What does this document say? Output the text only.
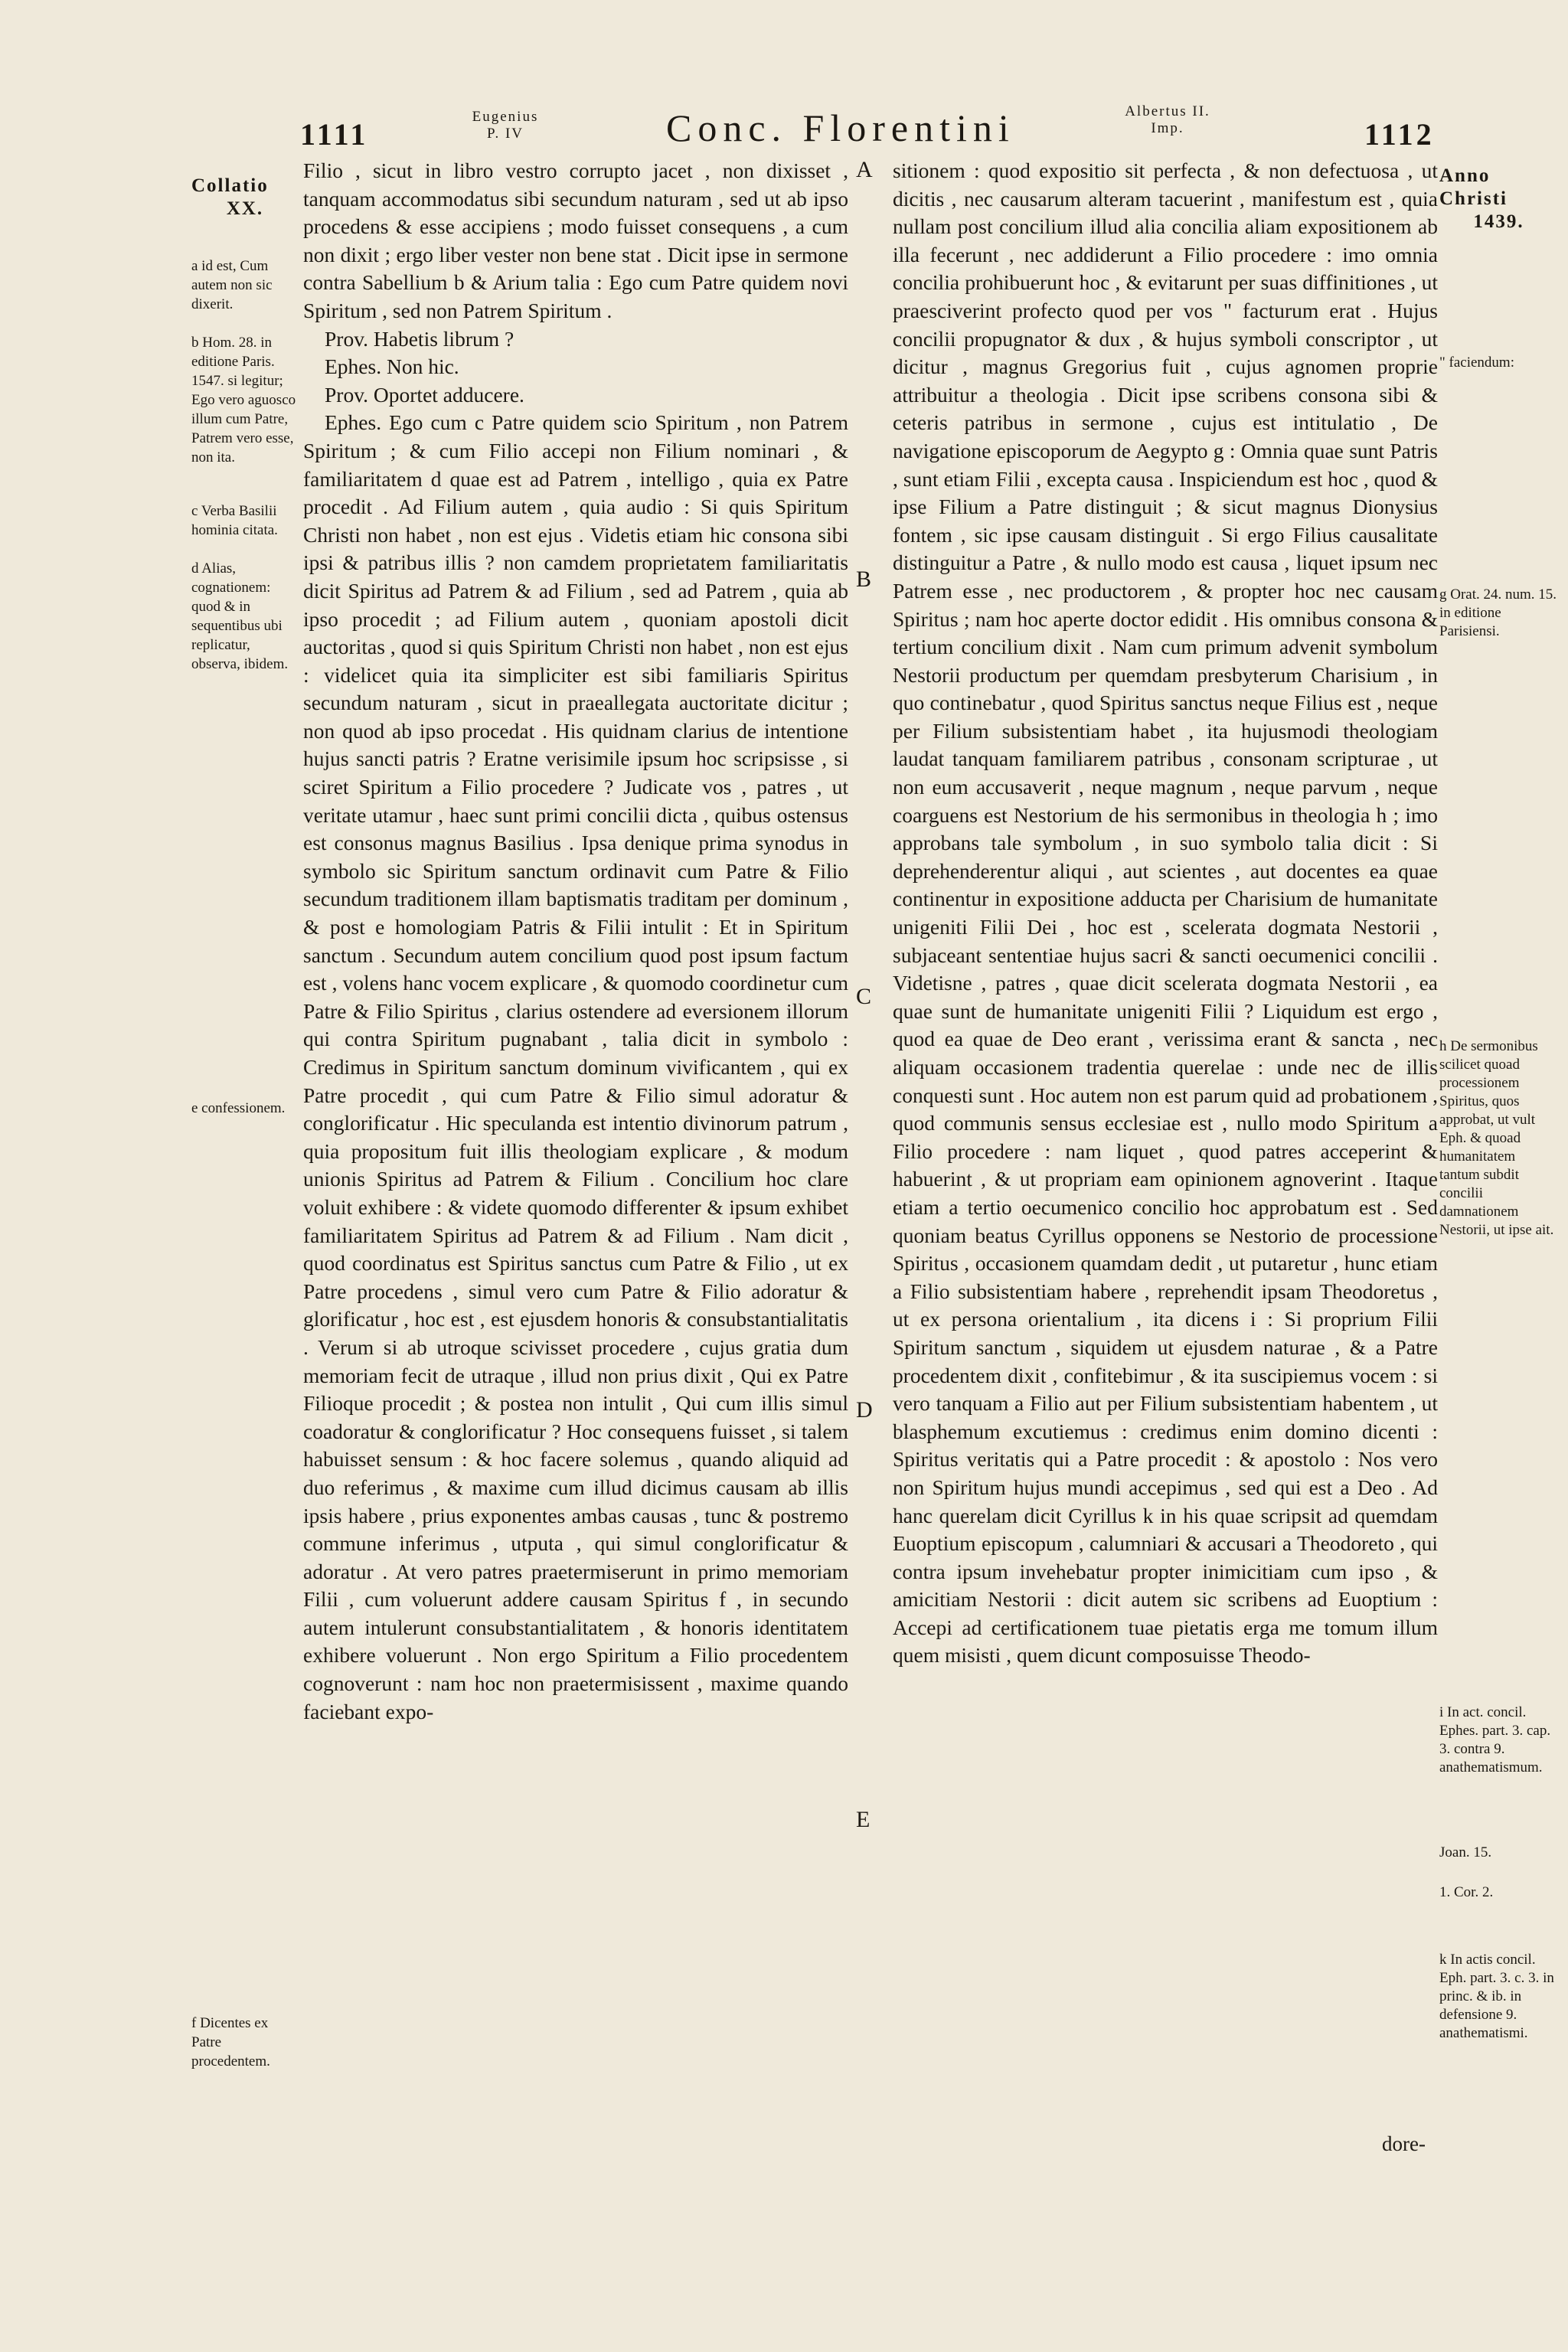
1111
Eugenius
P. IV	Conc. Florentini	Albertus II.
Imp.	1112
Collatio
XX.
a id est, Cum autem non sic dixerit.
b Hom. 28. in editione Paris. 1547. si legitur; Ego vero aguosco illum cum Patre, Patrem vero esse, non ita.
c Verba Basilii hominia citata.
d Alias, cognationem: quod & in sequentibus ubi replicatur, observa, ibidem.
e confessionem.
f Dicentes ex Patre procedentem.
Anno
Christi
1439.
" faciendum:
g Orat. 24. num. 15. in editione Parisiensi.
h De sermonibus scilicet quoad processionem Spiritus, quos approbat, ut vult Eph. & quoad humanitatem tantum subdit concilii damnationem Nestorii, ut ipse ait.
i In act. concil. Ephes. part. 3. cap. 3. contra 9. anathematismum.
Joan. 15.
1. Cor. 2.
k In actis concil. Eph. part. 3. c. 3. in princ. & ib. in defensione 9. anathematismi.
A
B
C
D
E

Filio , sicut in libro vestro corrupto jacet , non dixisset , tanquam accommodatus sibi secundum naturam , sed ut ab ipso procedens & esse accipiens ; modo fuisset consequens , a cum non dixit ; ergo liber vester non bene stat . Dicit ipse in sermone contra Sabellium b & Arium talia : Ego cum Patre quidem novi Spiritum , sed non Patrem Spiritum .

Prov. Habetis librum ?

Ephes. Non hic.

Prov. Oportet adducere.

Ephes. Ego cum c Patre quidem scio Spiritum , non Patrem Spiritum ; & cum Filio accepi non Filium nominari , & familiaritatem d quae est ad Patrem , intelligo , quia ex Patre procedit . Ad Filium autem , quia audio : Si quis Spiritum Christi non habet , non est ejus . Videtis etiam hic consona sibi ipsi & patribus illis ? non camdem proprietatem familiaritatis dicit Spiritus ad Patrem & ad Filium , sed ad Patrem , quia ab ipso procedit ; ad Filium autem , quoniam apostoli dicit auctoritas , quod si quis Spiritum Christi non habet , non est ejus : videlicet quia ita simpliciter est sibi familiaris Spiritus secundum naturam , sicut in praeallegata auctoritate dicitur ; non quod ab ipso procedat . His quidnam clarius de intentione hujus sancti patris ? Eratne verisimile ipsum hoc scripsisse , si sciret Spiritum a Filio procedere ? Judicate vos , patres , ut veritate utamur , haec sunt primi concilii dicta , quibus ostensus est consonus magnus Basilius . Ipsa denique prima synodus in symbolo sic Spiritum sanctum ordinavit cum Patre & Filio secundum traditionem illam baptismatis traditam per dominum , & post e homologiam Patris & Filii intulit : Et in Spiritum sanctum . Secundum autem concilium quod post ipsum factum est , volens hanc vocem explicare , & quomodo coordinetur cum Patre & Filio Spiritus , clarius ostendere ad eversionem illorum qui contra Spiritum pugnabant , talia dicit in symbolo : Credimus in Spiritum sanctum dominum vivificantem , qui ex Patre procedit , qui cum Patre & Filio simul adoratur & conglorificatur . Hic speculanda est intentio divinorum patrum , quia propositum fuit illis theologiam explicare , & modum unionis Spiritus ad Patrem & Filium . Concilium hoc clare voluit exhibere : & videte quomodo differenter & ipsum exhibet familiaritatem Spiritus ad Patrem & ad Filium . Nam dicit , quod coordinatus est Spiritus sanctus cum Patre & Filio , ut ex Patre procedens , simul vero cum Patre & Filio adoratur & glorificatur , hoc est , est ejusdem honoris & consubstantialitatis . Verum si ab utroque scivisset procedere , cujus gratia dum memoriam fecit de utraque , illud non prius dixit , Qui ex Patre Filioque procedit ; & postea non intulit , Qui cum illis simul coadoratur & conglorificatur ? Hoc consequens fuisset , si talem habuisset sensum : & hoc facere solemus , quando aliquid ad duo referimus , & maxime cum illud dicimus causam ab illis ipsis habere , prius exponentes ambas causas , tunc & postremo commune inferimus , utputa , qui simul conglorificatur & adoratur . At vero patres praetermiserunt in primo memoriam Filii , cum voluerunt addere causam Spiritus f , in secundo autem intulerunt consubstantialitatem , & honoris identitatem exhibere voluerunt . Non ergo Spiritum a Filio procedentem cognoverunt : nam hoc non praetermisissent , maxime quando faciebant expo-

sitionem : quod expositio sit perfecta , & non defectuosa , ut dicitis , nec causarum alteram tacuerint , manifestum est , quia nullam post concilium illud alia concilia aliam expositionem ab illa fecerunt , nec addiderunt a Filio procedere : imo omnia concilia prohibuerunt hoc , & evitarunt per suas diffinitiones , ut praesciverint profecto quod per vos " facturum erat . Hujus concilii propugnator & dux , & hujus symboli conscriptor , ut dicitur , magnus Gregorius fuit , cujus agnomen proprie attribuitur a theologia . Dicit ipse scribens consona sibi & ceteris patribus in sermone , cujus est intitulatio , De navigatione episcoporum de Aegypto g : Omnia quae sunt Patris , sunt etiam Filii , excepta causa . Inspiciendum est hoc , quod & ipse Filium a Patre distinguit ; & sicut magnus Dionysius fontem , sic ipse causam distinguit . Si ergo Filius causalitate distinguitur a Patre , & nullo modo est causa , liquet ipsum nec Patrem esse , nec productorem , & propter hoc nec causam Spiritus ; nam hoc aperte doctor edidit . His omnibus consona & tertium concilium dixit . Nam cum primum advenit symbolum Nestorii productum per quemdam presbyterum Charisium , in quo continebatur , quod Spiritus sanctus neque Filius est , neque per Filium subsistentiam habet , ita hujusmodi theologiam laudat tanquam familiarem patribus , consonam scripturae , ut non eum accusaverit , neque magnum , neque parvum , neque coarguens est Nestorium de his sermonibus in theologia h ; imo approbans tale symbolum , in suo symbolo talia dicit : Si deprehenderentur aliqui , aut scientes , aut docentes ea quae continentur in expositione adducta per Charisium de humanitate unigeniti Filii Dei , hoc est , scelerata dogmata Nestorii , subjaceant sententiae hujus sacri & sancti oecumenici concilii . Videtisne , patres , quae dicit scelerata dogmata Nestorii , ea quae sunt de humanitate unigeniti Filii ? Liquidum est ergo , quod ea quae de Deo erant , verissima erant & sancta , nec aliquam occasionem tradentia querelae : unde nec de illis conquesti sunt . Hoc autem non est parum quid ad probationem , quod communis sensus ecclesiae est , nullo modo Spiritum a Filio procedere : nam liquet , quod patres acceperint & habuerint , & ut propriam eam opinionem agnoverint . Itaque etiam a tertio oecumenico concilio hoc approbatum est . Sed quoniam beatus Cyrillus opponens se Nestorio de processione Spiritus , occasionem quamdam dedit , ut putaretur , hunc etiam a Filio subsistentiam habere , reprehendit ipsam Theodoretus , ut ex persona orientalium , ita dicens i : Si proprium Filii Spiritum sanctum , siquidem ut ejusdem naturae , & a Patre procedentem dixit , confitebimur , & ita suscipiemus vocem : si vero tanquam a Filio aut per Filium subsistentiam habentem , ut blasphemum excutiemus : credimus enim domino dicenti : Spiritus veritatis qui a Patre procedit : & apostolo : Nos vero non Spiritum hujus mundi accepimus , sed qui est a Deo . Ad hanc querelam dicit Cyrillus k in his quae scripsit ad quemdam Euoptium episcopum , calumniari & accusari a Theodoreto , qui contra ipsum invehebatur propter inimicitiam cum ipso , & amicitiam Nestorii : dicit autem sic scribens ad Euoptium : Accepi ad certificationem tuae pietatis erga me tomum illum quem misisti , quem dicunt composuisse Theodo-

dore-
